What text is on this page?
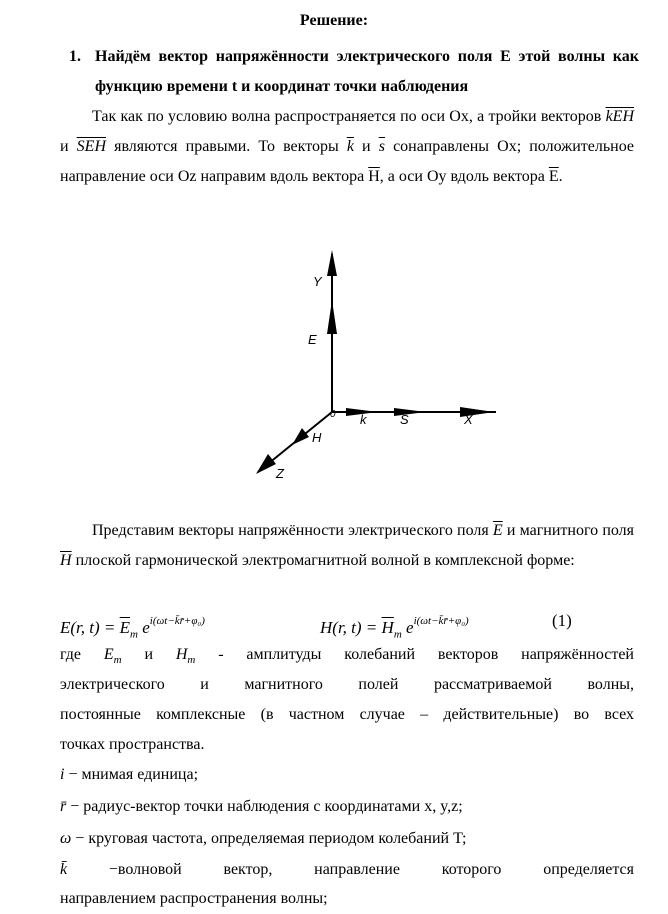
Решение:
1. Найдём вектор напряжённости электрического поля E этой волны как функцию времени t и координат точки наблюдения
Так как по условию волна распространяется по оси Ox, а тройки векторов $\overline{kEH}$ и $\overline{SEH}$ являются правыми. То векторы $\overline{k}$ и $\overline{s}$ сонаправлены Ox; положительное направление оси Oz направим вдоль вектора $\overline{H}$, а оси Oy вдоль вектора $\overline{E}$.
Y
E
0 k	S	X
H
Z
Представим векторы напряжённости электрического поля $\overline{E}$ и магнитного поля $\overline{H}$ плоской гармонической электромагнитной волной в комплексной форме:
E(r, $t) = \overline{E}_m$ $e^{i(\omega t-k̄r̄+\varphi_0)}$	H(r, $t) = \overline{H}_m$ $e^{i(\omega t-k̄r̄+\varphi_0)}$	(1)
где $E_m$ и $H_m$ - амплитуды колебаний векторов напряжённостей
электрического и магнитного полей рассматриваемой волны,
постоянные комплексные (в частном случае – действительные) во всех
точках пространства.
i − мнимая единица;
r̄ − радиус-вектор точки наблюдения с координатами x, y,z;
ω − круговая частота, определяемая периодом колебаний T;
k̄ −волновой вектор, направление которого определяется
направлением распространения волны;
